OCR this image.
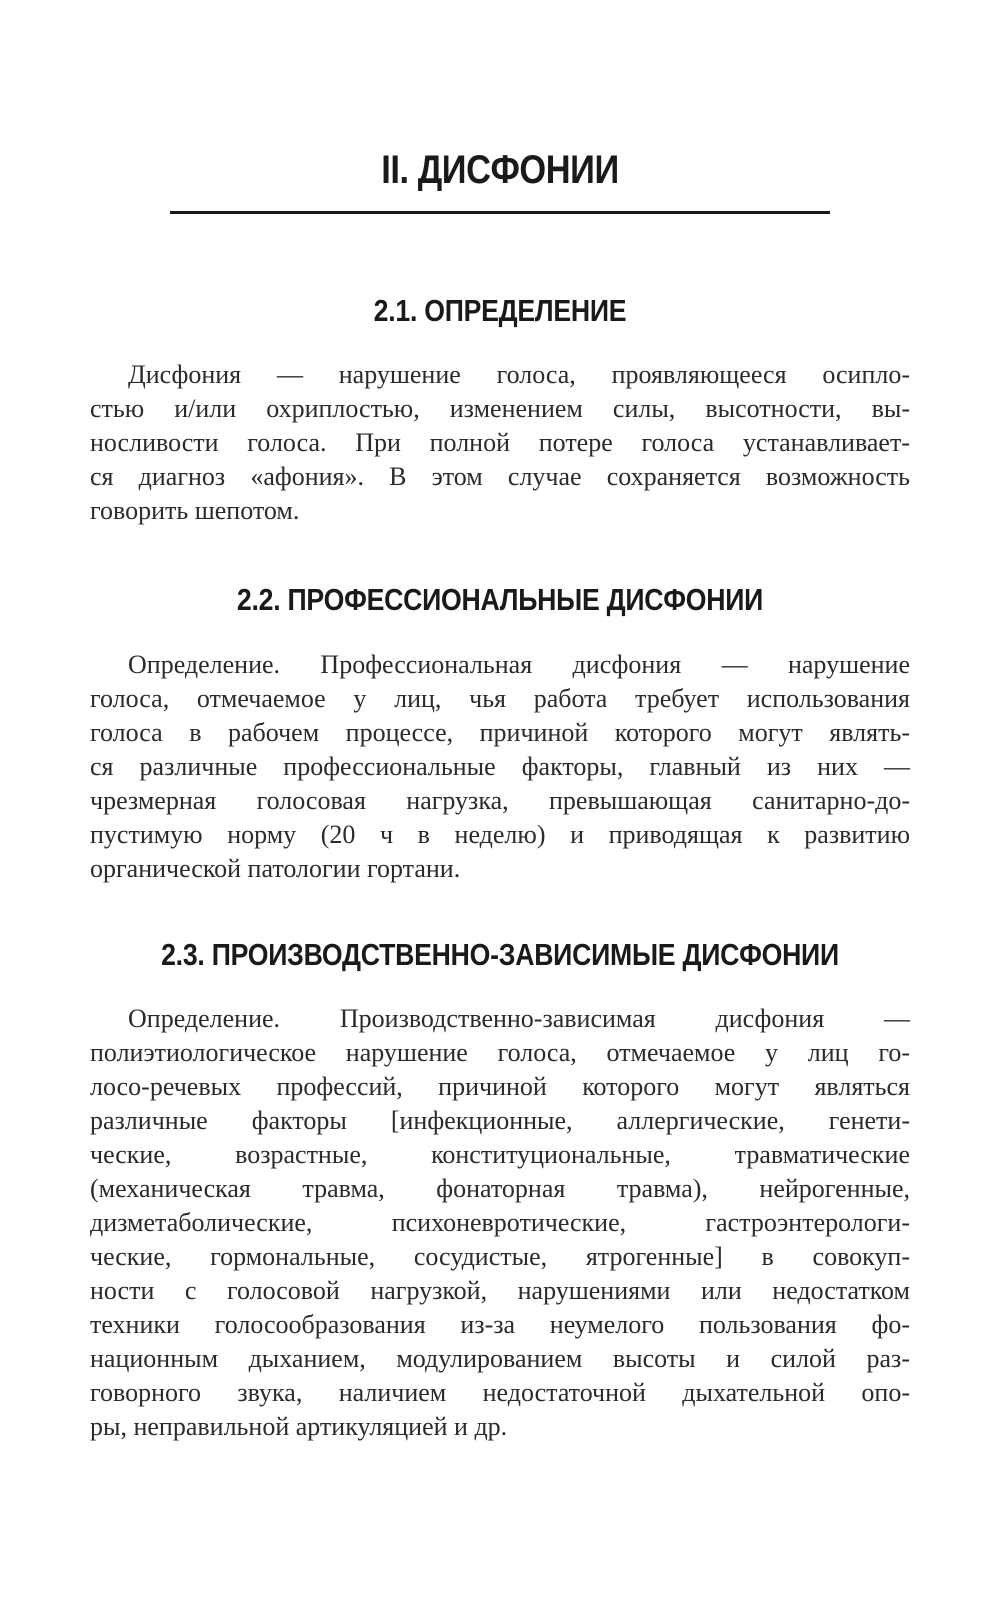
II. ДИСФОНИИ
2.1. ОПРЕДЕЛЕНИЕ
Дисфония — нарушение голоса, проявляющееся осипло-
стью и/или охриплостью, изменением силы, высотности, вы-
носливости голоса. При полной потере голоса устанавливает-
ся диагноз «афония». В этом случае сохраняется возможность
говорить шепотом.
2.2. ПРОФЕССИОНАЛЬНЫЕ ДИСФОНИИ
Определение. Профессиональная дисфония — нарушение
голоса, отмечаемое у лиц, чья работа требует использования
голоса в рабочем процессе, причиной которого могут являть-
ся различные профессиональные факторы, главный из них —
чрезмерная голосовая нагрузка, превышающая санитарно-до-
пустимую норму (20 ч в неделю) и приводящая к развитию
органической патологии гортани.
2.3. ПРОИЗВОДСТВЕННО-ЗАВИСИМЫЕ ДИСФОНИИ
Определение. Производственно-зависимая дисфония —
полиэтиологическое нарушение голоса, отмечаемое у лиц го-
лосо-речевых профессий, причиной которого могут являться
различные факторы [инфекционные, аллергические, генети-
ческие, возрастные, конституциональные, травматические
(механическая травма, фонаторная травма), нейрогенные,
дизметаболические, психоневротические, гастроэнтерологи-
ческие, гормональные, сосудистые, ятрогенные] в совокуп-
ности с голосовой нагрузкой, нарушениями или недостатком
техники голосообразования из-за неумелого пользования фо-
национным дыханием, модулированием высоты и силой раз-
говорного звука, наличием недостаточной дыхательной опо-
ры, неправильной артикуляцией и др.
